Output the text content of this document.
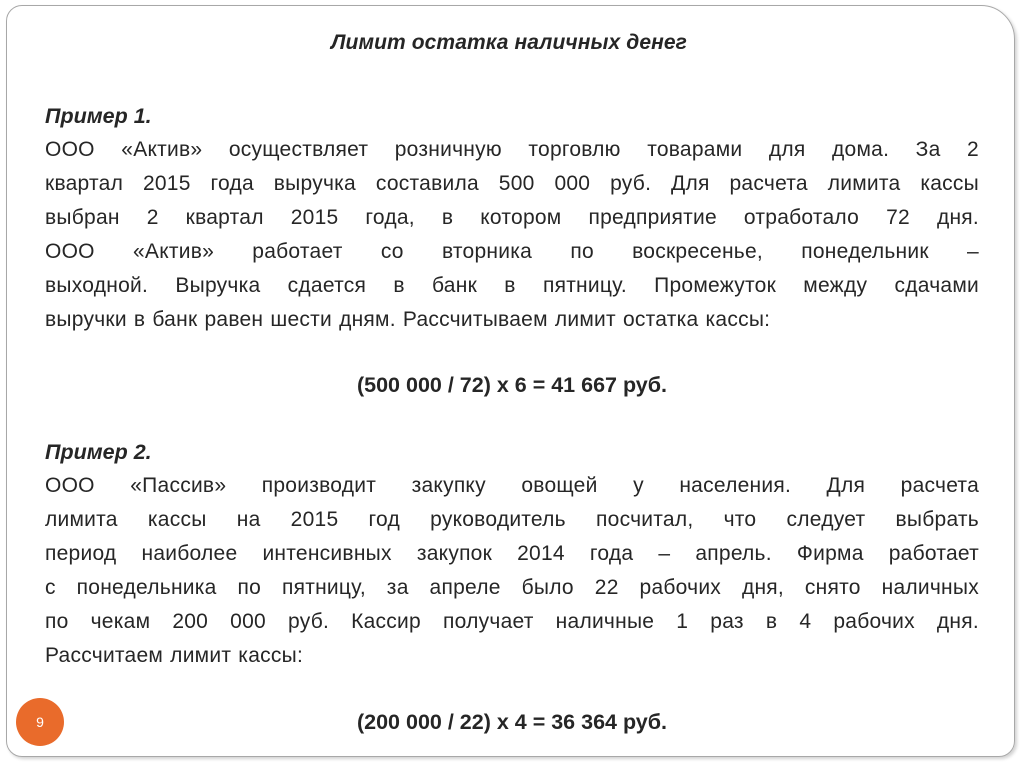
Лимит остатка наличных денег
Пример 1.
ООО «Актив» осуществляет розничную торговлю товарами для дома. За 2
квартал 2015 года выручка составила 500 000 руб. Для расчета лимита кассы
выбран 2 квартал 2015 года, в котором предприятие отработало 72 дня.
ООО «Актив» работает со вторника по воскресенье, понедельник –
выходной. Выручка сдается в банк в пятницу. Промежуток между сдачами
выручки в банк равен шести дням. Рассчитываем лимит остатка кассы:
(500 000 / 72) х 6 = 41 667 руб.
Пример 2.
ООО «Пассив» производит закупку овощей у населения. Для расчета
лимита кассы на 2015 год руководитель посчитал, что следует выбрать
период наиболее интенсивных закупок 2014 года – апрель. Фирма работает
с понедельника по пятницу, за апреле было 22 рабочих дня, снято наличных
по чекам 200 000 руб. Кассир получает наличные 1 раз в 4 рабочих дня.
Рассчитаем лимит кассы:
(200 000 / 22) х 4 = 36 364 руб.
9
